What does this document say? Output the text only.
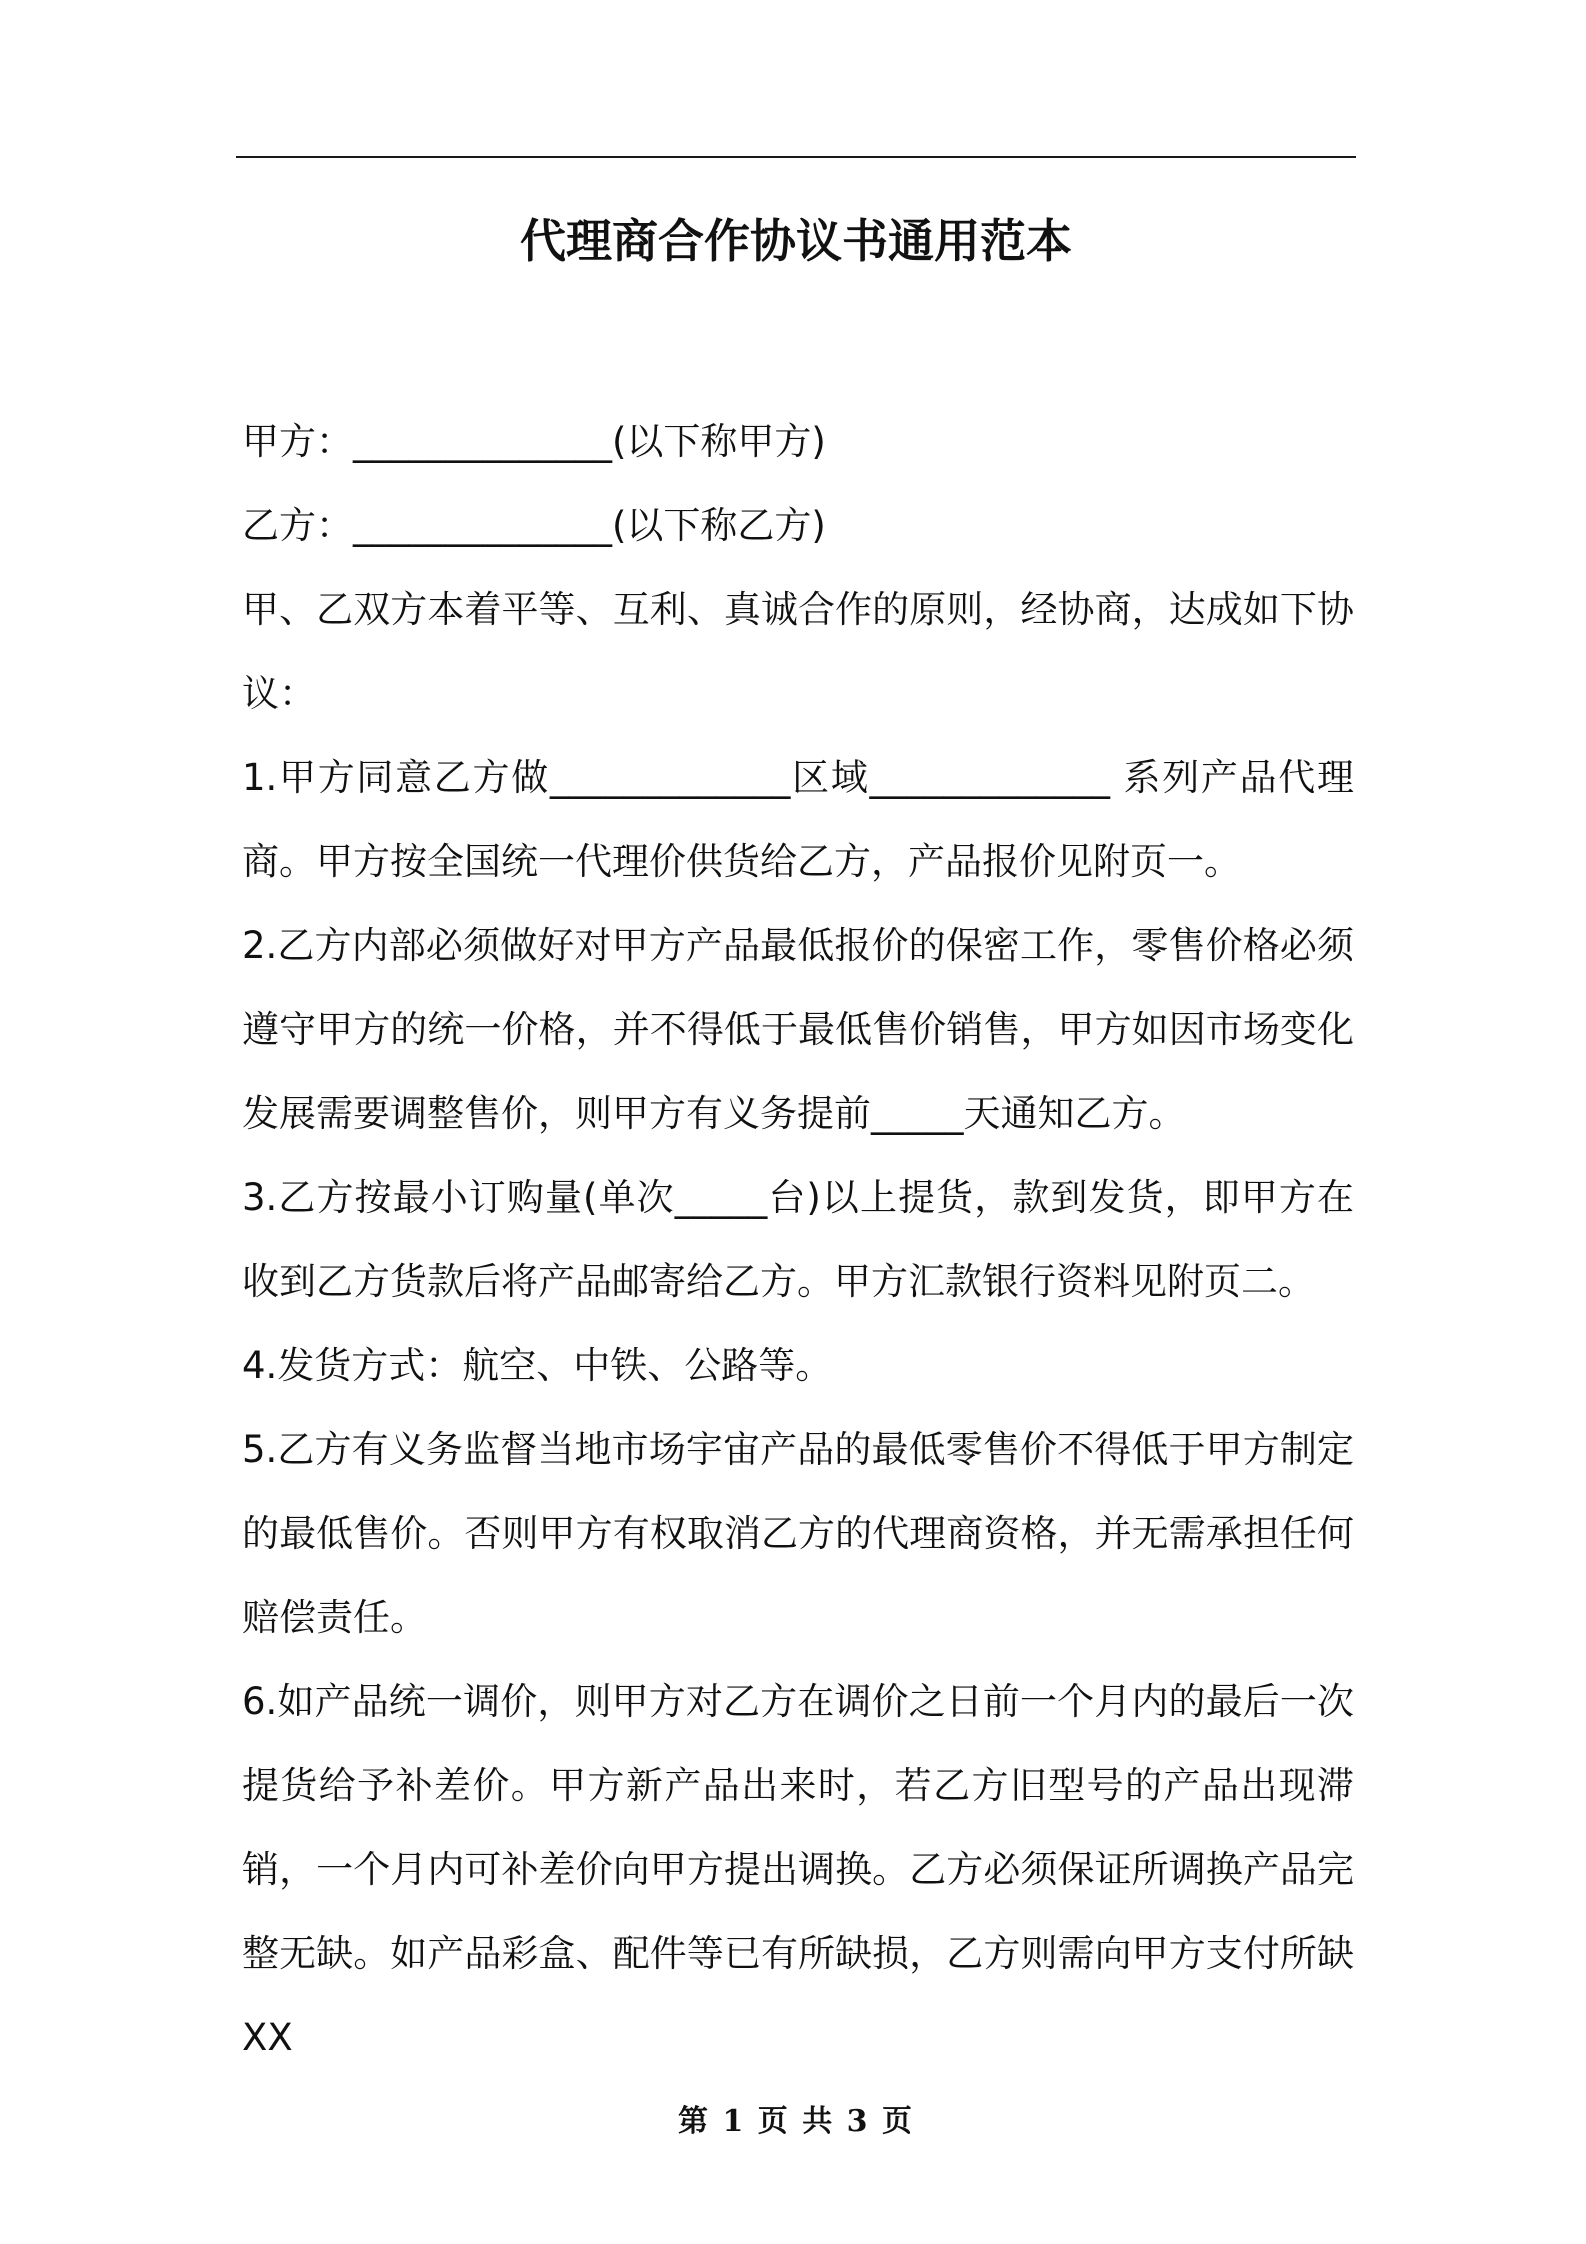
代理商合作协议书通用范本

甲方：______________(以下称甲方)

乙方：______________(以下称乙方)

甲、乙双方本着平等、互利、真诚合作的原则，经协商，达成如下协议：

1.甲方同意乙方做_____________区域_____________ 系列产品代理商。甲方按全国统一代理价供货给乙方，产品报价见附页一。

2.乙方内部必须做好对甲方产品最低报价的保密工作，零售价格必须遵守甲方的统一价格，并不得低于最低售价销售，甲方如因市场变化发展需要调整售价，则甲方有义务提前_____天通知乙方。

3.乙方按最小订购量(单次_____台)以上提货，款到发货，即甲方在收到乙方货款后将产品邮寄给乙方。甲方汇款银行资料见附页二。

4.发货方式：航空、中铁、公路等。

5.乙方有义务监督当地市场宇宙产品的最低零售价不得低于甲方制定的最低售价。否则甲方有权取消乙方的代理商资格，并无需承担任何赔偿责任。

6.如产品统一调价，则甲方对乙方在调价之日前一个月内的最后一次提货给予补差价。甲方新产品出来时，若乙方旧型号的产品出现滞销，一个月内可补差价向甲方提出调换。乙方必须保证所调换产品完整无缺。如产品彩盒、配件等已有所缺损，乙方则需向甲方支付所缺 XX

第 1 页 共 3 页
